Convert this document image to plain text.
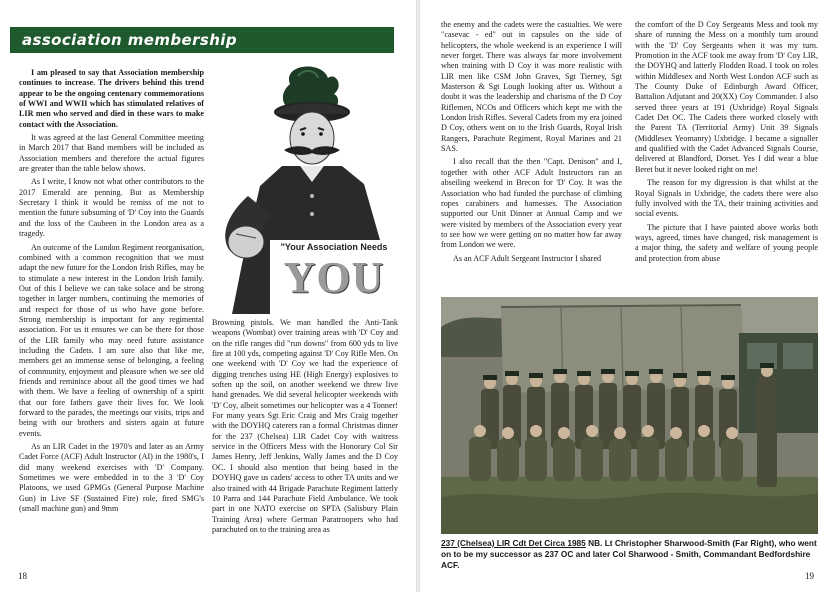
association membership

I am pleased to say that Association membership continues to increase. The drivers behind this trend appear to be the ongoing centenary commemorations of WWI and WWII which has stimulated relatives of LIR men who served and died in these wars to make contact with the Association.

It was agreed at the last General Committee meeting in March 2017 that Band members will be included as Association members and therefore the actual figures are greater than the table below shows.

As I write, I know not what other contributors to the 2017 Emerald are penning. But as Membership Secretary I think it would be remiss of me not to mention the future subsuming of 'D' Coy into the Guards and the loss of the Caubeen in the London area as a tragedy.

An outcome of the London Regiment reorganisation, combined with a common recognition that we must adapt the new future for the London Irish Rifles, may be to stimulate a new interest in the London Irish family. Out of this I believe we can take solace and be strong together in larger numbers, continuing the memories of and respect for those of us who have gone before. Strong membership is important for any regimental association. For us it ensures we can be there for those of the LIR family who may need future assistance including the Cadets. I am sure also that like me, members get an immense sense of belonging, a feeling of community, enjoyment and pleasure when we see old friends and reminisce about all the good times we had with them. We have a feeling of ownership of a spirit that our fore fathers gave their lives for. We look forward to the parades, the meetings our visits, trips and being with our brothers and sisters again at future events.

As an LIR Cadet in the 1970's and later as an Army Cadet Force (ACF) Adult Instructor (AI) in the 1980's, I did many weekend exercises with 'D' Company. Sometimes we were embedded in to the 3 'D' Coy Platoons, we used GPMGs (General Purpose Machine Gun) in Live SF (Sustained Fire) role, fired SMG's (small machine gun) and 9mm

"Your Association Needs
YOU

Browning pistols. We man handled the Anti-Tank weapons (Wombat) over training areas with 'D' Coy and on the rifle ranges did "run downs" from 600 yds to live fire at 100 yds, competing against 'D' Coy Rifle Men. On one weekend with 'D' Coy we had the experience of digging trenches using HE (High Energy) explosives to soften up the soil, on another weekend we threw live hand grenades. We did several helicopter weekends with 'D' Coy, albeit sometimes our helicopter was a 4 Tonner! For many years Sgt Eric Craig and Mrs Craig together with the DOYHQ caterers ran a formal Christmas dinner for the 237 (Chelsea) LIR Cadet Coy with waitress service in the Officers Mess with the Honorary Col Sir James Henry, Jeff Jenkins, Wally James and the D Coy OC. I should also mention that being based in the DOYHQ gave us cadets' access to other TA units and we also trained with 44 Brigade Parachute Regiment latterly 10 Parra and 144 Parachute Field Ambulance. We took part in one NATO exercise on SPTA (Salisbury Plain Training Area) where German Paratroopers who had parachuted on to the training area as

the enemy and the cadets were the casualties. We were "casevac - ed" out in capsules on the side of helicopters, the whole weekend is an experience I will never forget. There was always far more involvement when training with D Coy it was more realistic with LIR men like CSM John Graves, Sgt Tierney, Sgt Masterson & Sgt Lough looking after us. Without a doubt it was the leadership and charisma of the D Coy Riflemen, NCOs and Officers which kept me with the London Irish Rifles. Several Cadets from my era joined D Coy, others went on to the Irish Guards, Royal Irish Rangers, Parachute Regiment, Royal Marines and 21 SAS.

I also recall that the then "Capt. Denison" and I, together with other ACF Adult Instructors ran an abseiling weekend in Brecon for 'D' Coy. It was the Association who had funded the purchase of climbing ropes carabiners and harnesses. The Association supported our Unit Dinner at Annual Camp and we were visited by members of the Association every year to see how we were getting on no matter how far away from London we were.

As an ACF Adult Sergeant Instructor I shared

the comfort of the D Coy Sergeants Mess and took my share of running the Mess on a monthly turn around with the 'D' Coy Sergeants when it was my turn. Promotion in the ACF took me away from 'D' Coy LIR, the DOYHQ and latterly Flodden Road. I took on roles within Middlesex and North West London ACF such as The County Duke of Edinburgh Award Officer, Battalion Adjutant and 20(XX) Coy Commander. I also served three years at 191 (Uxbridge) Royal Signals Cadet Det OC. The Cadets there worked closely with the Parent TA (Territorial Army) Unit 39 Signals (Middlesex Yeomanry) Uxbridge. I became a signaller and qualified with the Cadet Advanced Signals Course, delivered at Blandford, Dorset. Yes I did wear a blue Beret but it never looked right on me!

The reason for my digression is that whilst at the Royal Signals in Uxbridge, the cadets there were also fully involved with the TA, their training activities and social events.

The picture that I have painted above works both ways, agreed, times have changed, risk management is a major thing, the safety and welfare of young people and protection from abuse

237 (Chelsea) LIR Cdt Det Circa 1985 NB. Lt Christopher Sharwood-Smith (Far Right), who went on to be my successor as 237 OC and later Col Sharwood - Smith, Commandant Bedfordshire ACF.
18	19
